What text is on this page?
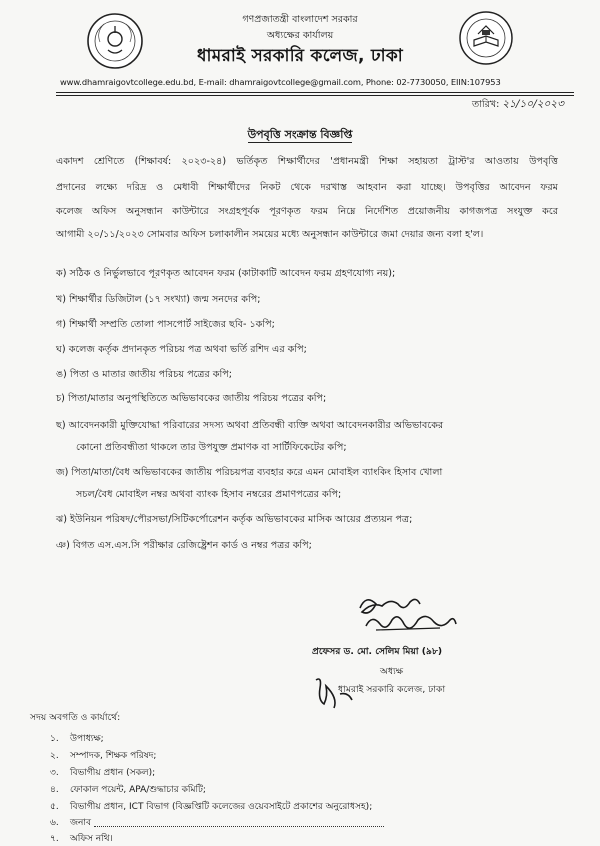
গণপ্রজাতন্ত্রী বাংলাদেশ সরকার
অধ্যক্ষের কার্যালয়
ধামরাই সরকারি কলেজ, ঢাকা
www.dhamraigovtcollege.edu.bd, E-mail: dhamraigovtcollege@gmail.com, Phone: 02-7730050, EIIN:107953
তারিখ: ২১/১০/২০২৩
উপবৃত্তি সংক্রান্ত বিজ্ঞপ্তি
একাদশ শ্রেণিতে (শিক্ষাবর্ষ: ২০২৩-২৪) ভর্তিকৃত শিক্ষার্থীদের 'প্রধানমন্ত্রী শিক্ষা সহায়তা ট্রাস্ট'র আওতায় উপবৃত্তি
প্রদানের লক্ষ্যে দরিদ্র ও মেধাবী শিক্ষার্থীদের নিকট থেকে দরখাস্ত আহবান করা যাচ্ছে। উপবৃত্তির আবেদন ফরম
কলেজ অফিস অনুসন্ধান কাউন্টারে সংগ্রহপূর্বক পূরণকৃত ফরম নিম্নে নির্দেশিত প্রয়োজনীয় কাগজপত্র সংযুক্ত করে
আগামী ২০/১১/২০২৩ সোমবার অফিস চলাকালীন সময়ের মধ্যে অনুসন্ধান কাউন্টারে জমা দেয়ার জন্য বলা হ'ল।
ক) সঠিক ও নির্ভুলভাবে পূরণকৃত আবেদন ফরম (কাটাকাটি আবেদন ফরম গ্রহণযোগ্য নয়);
খ) শিক্ষার্থীর ডিজিটাল (১৭ সংখ্যা) জন্ম সনদের কপি;
গ) শিক্ষার্থী সম্প্রতি তোলা পাসপোর্ট সাইজের ছবি- ১কপি;
ঘ) কলেজ কর্তৃক প্রদানকৃত পরিচয় পত্র অথবা ভর্তি রশিদ এর কপি;
ঙ) পিতা ও মাতার জাতীয় পরিচয় পত্রের কপি;
চ) পিতা/মাতার অনুপস্থিতিতে অভিভাবকের জাতীয় পরিচয় পত্রের কপি;
ছ) আবেদনকারী মুক্তিযোদ্ধা পরিবারের সদস্য অথবা প্রতিবন্ধী ব্যক্তি অথবা আবেদনকারীর অভিভাবকের
কোনো প্রতিবন্ধীতা থাকলে তার উপযুক্ত প্রমাণক বা সার্টিফিকেটের কপি;
জ) পিতা/মাতা/বৈধ অভিভাবকের জাতীয় পরিচয়পত্র ব্যবহার করে এমন মোবাইল ব্যাংকিং হিসাব খোলা
সচল/বৈধ মোবাইল নম্বর অথবা ব্যাংক হিসাব নম্বরের প্রমাণপত্রের কপি;
ঝ) ইউনিয়ন পরিষদ/পৌরসভা/সিটিকর্পোরেশন কর্তৃক অভিভাবকের মাসিক আয়ের প্রত্যয়ন পত্র;
ঞ) বিগত এস.এস.সি পরীক্ষার রেজিষ্ট্রেশন কার্ড ও নম্বর পত্রর কপি;
প্রফেসর ড. মো. সেলিম মিয়া (৯৮)
অধ্যক্ষ
ধামরাই সরকারি কলেজ, ঢাকা
সদয় অবগতি ও কার্যার্থে:
১. উপাধ্যক্ষ;
২. সম্পাদক, শিক্ষক পরিষদ;
৩. বিভাগীয় প্রধান (সকল);
৪. ফোকাল পয়েন্ট, APA/শুদ্ধাচার কমিটি;
৫. বিভাগীয় প্রধান, ICT বিভাগ (বিজ্ঞপ্তিটি কলেজের ওয়েবসাইটে প্রকাশের অনুরোধসহ);
৬. জনাব
৭. অফিস নথি।
